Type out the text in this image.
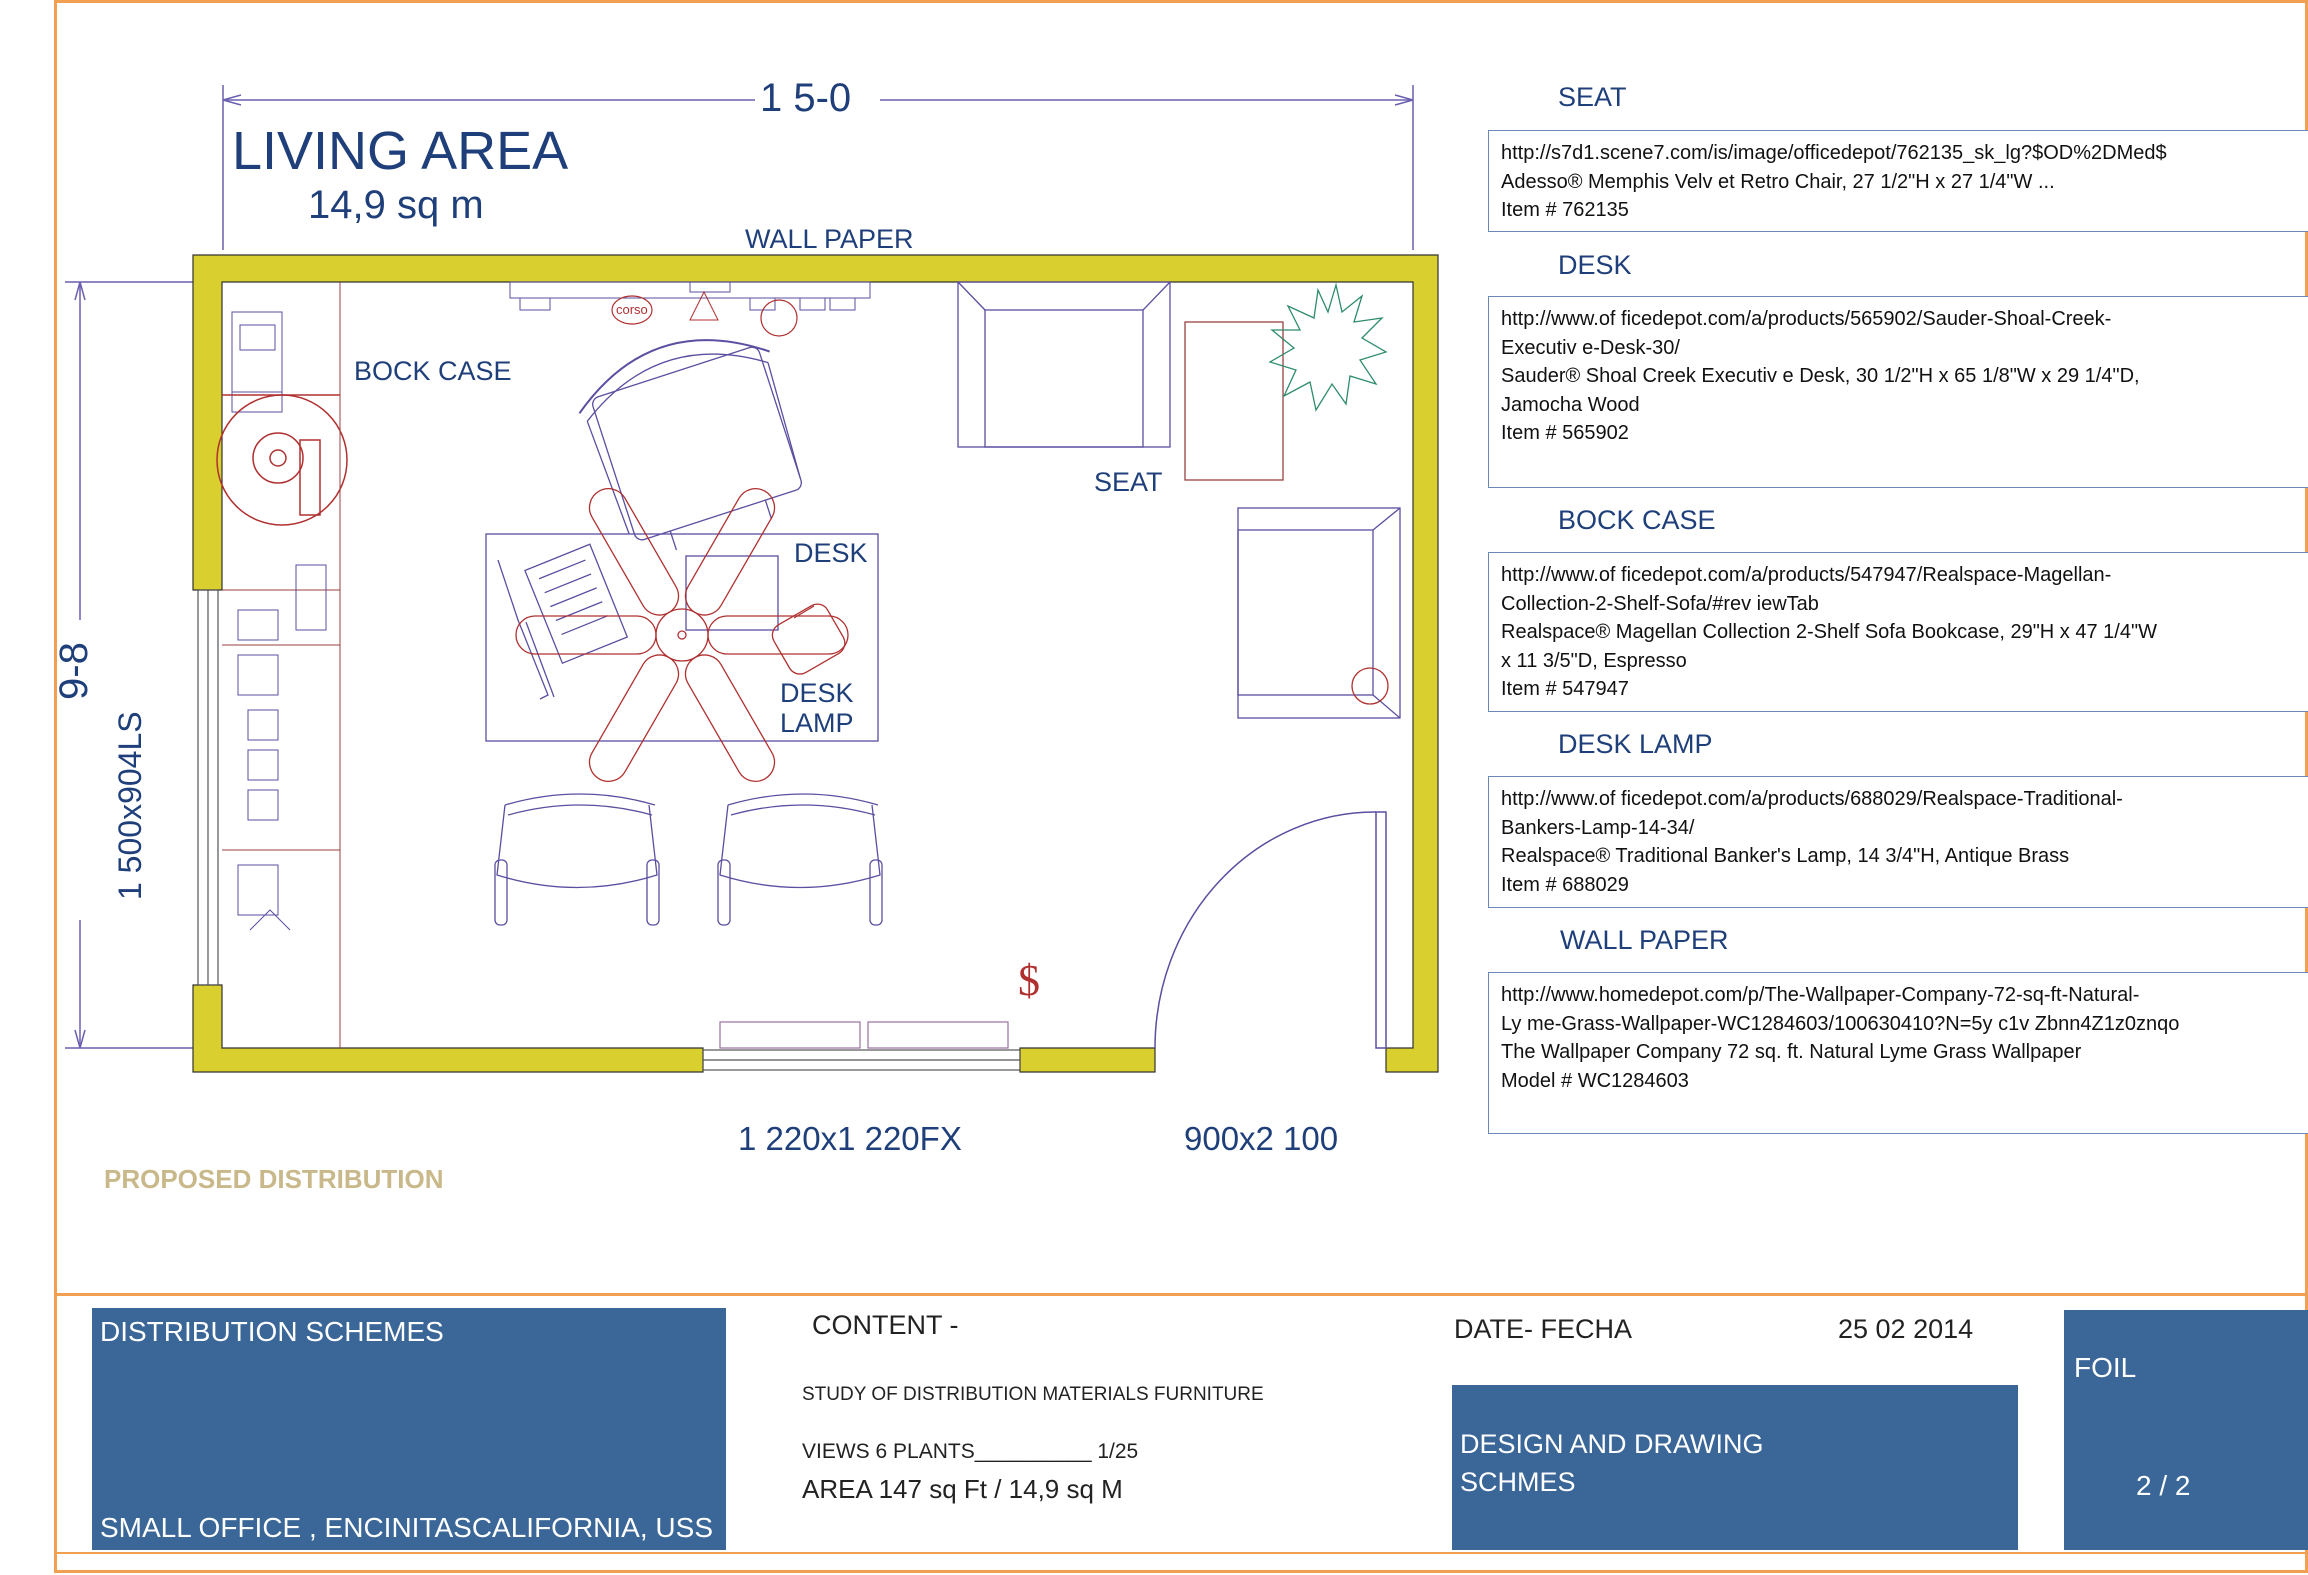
$
1 5-0
9-8
1 500x904LS
LIVING AREA
14,9 sq m
WALL PAPER
BOCK CASE
corso
SEAT
DESK
DESK
LAMP
1 220x1 220FX	900x2 100
PROPOSED DISTRIBUTION
SEAT
http://s7d1.scene7.com/is/image/officedepot/762135_sk_lg?$OD%2DMed$
Adesso® Memphis Velv et Retro Chair, 27 1/2"H x 27 1/4"W ...
Item # 762135
DESK
http://www.of ficedepot.com/a/products/565902/Sauder-Shoal-Creek-
Executiv e-Desk-30/
Sauder® Shoal Creek Executiv e Desk, 30 1/2"H x 65 1/8"W x 29 1/4"D,
Jamocha Wood
Item # 565902
BOCK CASE
http://www.of ficedepot.com/a/products/547947/Realspace-Magellan-
Collection-2-Shelf-Sofa/#rev iewTab
Realspace® Magellan Collection 2-Shelf Sofa Bookcase, 29"H x 47 1/4"W
x 11 3/5"D, Espresso
Item # 547947
DESK LAMP
http://www.of ficedepot.com/a/products/688029/Realspace-Traditional-
Bankers-Lamp-14-34/
Realspace® Traditional Banker's Lamp, 14 3/4"H, Antique Brass
Item # 688029
WALL PAPER
http://www.homedepot.com/p/The-Wallpaper-Company-72-sq-ft-Natural-
Ly me-Grass-Wallpaper-WC1284603/100630410?N=5y c1v Zbnn4Z1z0znqo
The Wallpaper Company 72 sq. ft. Natural Lyme Grass Wallpaper
Model # WC1284603
DISTRIBUTION SCHEMES
SMALL OFFICE , ENCINITASCALIFORNIA, USS
CONTENT -
STUDY OF DISTRIBUTION MATERIALS FURNITURE
VIEWS 6 PLANTS__________ 1/25
AREA 147 sq Ft / 14,9 sq M
DATE- FECHA	25 02 2014
DESIGN AND DRAWING
SCHMES
FOIL
2 / 2
